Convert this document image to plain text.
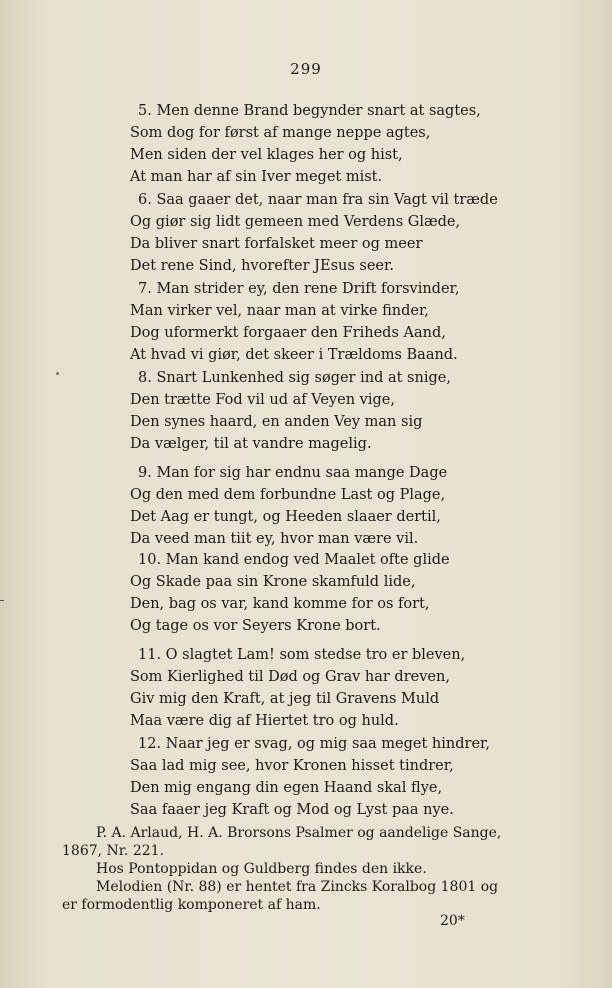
299
5. Men denne Brand begynder snart at sagtes,
Som dog for først af mange neppe agtes,
Men siden der vel klages her og hist,
At man har af sin Iver meget mist.
6. Saa gaaer det, naar man fra sin Vagt vil træde
Og giør sig lidt gemeen med Verdens Glæde,
Da bliver snart forfalsket meer og meer
Det rene Sind, hvorefter JEsus seer.
7. Man strider ey, den rene Drift forsvinder,
Man virker vel, naar man at virke finder,
Dog uformerkt forgaaer den Friheds Aand,
At hvad vi giør, det skeer i Trældoms Baand.
8. Snart Lunkenhed sig søger ind at snige,
Den trætte Fod vil ud af Veyen vige,
Den synes haard, en anden Vey man sig
Da vælger, til at vandre magelig.
9. Man for sig har endnu saa mange Dage
Og den med dem forbundne Last og Plage,
Det Aag er tungt, og Heeden slaaer dertil,
Da veed man tiit ey, hvor man være vil.
10. Man kand endog ved Maalet ofte glide
Og Skade paa sin Krone skamfuld lide,
Den, bag os var, kand komme for os fort,
Og tage os vor Seyers Krone bort.
11. O slagtet Lam! som stedse tro er bleven,
Som Kierlighed til Død og Grav har dreven,
Giv mig den Kraft, at jeg til Gravens Muld
Maa være dig af Hiertet tro og huld.
12. Naar jeg er svag, og mig saa meget hindrer,
Saa lad mig see, hvor Kronen hisset tindrer,
Den mig engang din egen Haand skal flye,
Saa faaer jeg Kraft og Mod og Lyst paa nye.
P. A. Arlaud, H. A. Brorsons Psalmer og aandelige Sange,
1867, Nr. 221.
Hos Pontoppidan og Guldberg findes den ikke.
Melodien (Nr. 88) er hentet fra Zincks Koralbog 1801 og
er formodentlig komponeret af ham.
20*
